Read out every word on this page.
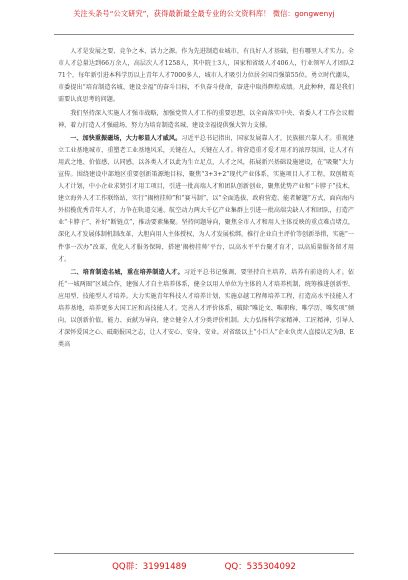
关注头条号“公文研究”，获得最新最全最专业的公文资料库！ 微信：gongwenyj

人才是发展之要、竞争之本、活力之源。作为先进制造业城市，有良好人才基础，但有哪里人才实力。全市人才总量达到66万余人，高层次人才1258人，其中院士3人，国家和省级人才406人，行业领军人才团队271个，每年新引进本科学历以上青年人才7000多人，城市人才吸引力位居全国百强第55位。勇立时代潮头，市委提出“培育制造名城、建设幸福”的奋斗目标，不负奋斗使命，奋进中取得辉煌成绩。凡此种种，都是我们需要认真思考的问题。

我们坚持深入实施人才强市战略，加强党管人才工作的重要思想，以全面落实中央、省委人才工作会议精神，着力打造人才强磁场，努力为培育制造名城、建设幸福提供强大智力支撑。

一、加快重振磁场，大力彰显人才威风。习近平总书记指出，国家发展靠人才，民族振兴靠人才。重视建立工业基地城市、重塑老工业基地风采，关键在人，关键在人才。将营造重才爱才用才的浓厚氛围，让人才有用武之地、价值感，认同感，以各类人才以此为生立足点，人才之风，拓展新兴基础设施建设，在“吸聚”大力宣传。围绕建设中部地区重要创新策源地目标，聚焦“3+3+2”现代产业体系，实施项目人才工程，双创精英人才计划，中小企业求贤引才用工项目，引进一批高端人才和团队创新创业，聚焦优势产业和“卡脖子”技术，建立海外人才工作联络站，实行“揭榜挂帅”和“赛马制”，以“全面选拔、政府营造、能者解题”方式，面向海内外招揽优秀青年人才，力争在轨道交通、航空动力两大千亿产业集群上引进一批高端尖缺人才和团队，打造产业“卡脖子”、补好“断链点”，推动要素集聚。坚持问题导向，聚焦全市人才和用人主体反映的重点难点堵点，深化人才发展体制机制改革，大胆向用人主体授权，为人才发展松绑，推行企业自主评价等创新举措，实施“一件事一次办”改革，优化人才服务保障，搭建‘揭榜挂帅’平台，以高水平平台聚才育才，以高质量服务留才用才。

二、培育制造名城，重在培养制造人才。习近平总书记强调，要坚持自主培养，培养有前途的人才。依托“一城两圈”区域合作，建强人才自主培养体系，健全以用人单位为主体的人才培养机制，统筹推进创新型、应用型、技能型人才培养。大力实施青年科技人才培养计划，实施卓越工程师培养工程，打造高水平技能人才培养基地，培养更多大国工匠和高技能人才。完善人才评价体系，破除“唯论文、唯职称、唯学历、唯奖项”倾向，以创新价值、能力、贡献为导向，建立健全人才分类评价机制。大力弘扬科学家精神、工匠精神，引导人才深怀爱国之心、砥砺报国之志，让人才安心、安身、安业。对省级以上“小巨人”企业负责人直接认定为B、E类高

QQ群：31991489	QQ：535304092
